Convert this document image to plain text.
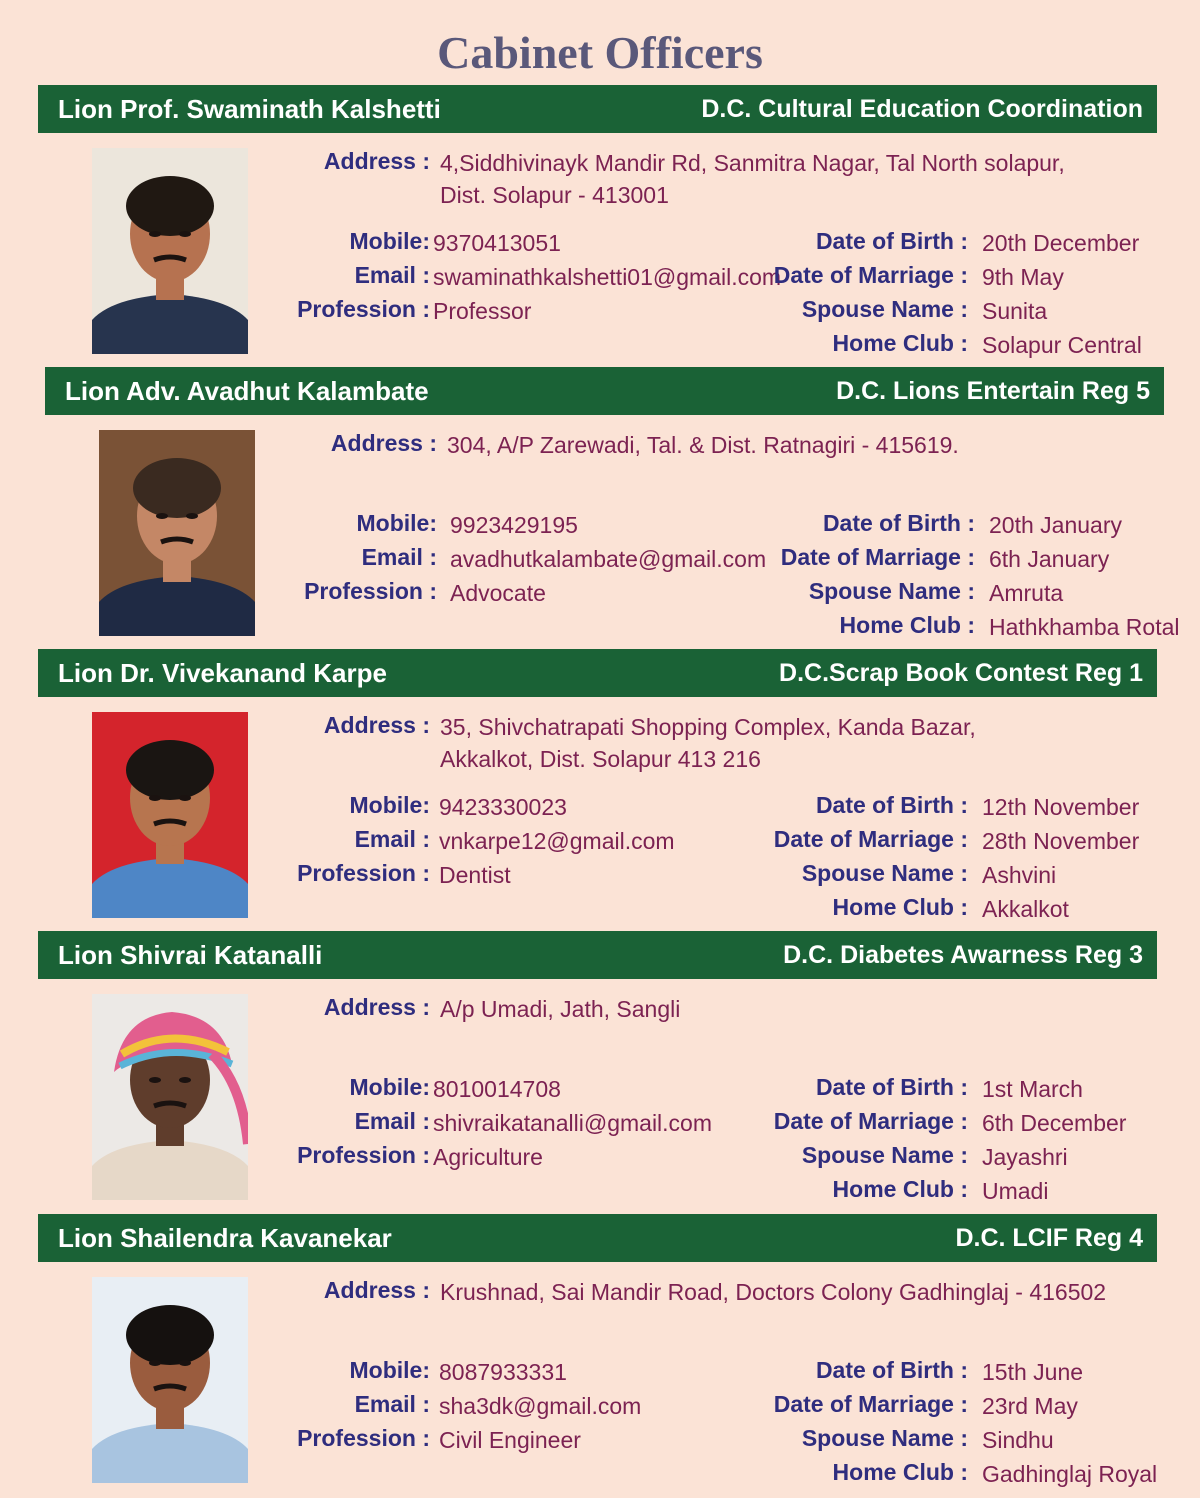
Cabinet Officers
Lion Prof. Swaminath Kalshetti	D.C. Cultural Education Coordination
Address : 4,Siddhivinayk Mandir Rd, Sanmitra Nagar, Tal North solapur,
Dist. Solapur - 413001
Mobile: 9370413051
Email : swaminathkalshetti01@gmail.com
Profession : Professor
Date of Birth : 20th December
Date of Marriage : 9th May
Spouse Name : Sunita
Home Club : Solapur Central
Lion Adv. Avadhut Kalambate	D.C. Lions Entertain Reg 5
Address : 304, A/P Zarewadi, Tal. & Dist. Ratnagiri - 415619.
Mobile: 9923429195
Email : avadhutkalambate@gmail.com
Profession : Advocate
Date of Birth : 20th January
Date of Marriage : 6th January
Spouse Name : Amruta
Home Club : Hathkhamba Rotal
Lion Dr. Vivekanand Karpe	D.C.Scrap Book Contest Reg 1
Address : 35, Shivchatrapati Shopping Complex, Kanda Bazar,
Akkalkot, Dist. Solapur 413 216
Mobile: 9423330023
Email : vnkarpe12@gmail.com
Profession : Dentist
Date of Birth : 12th November
Date of Marriage : 28th November
Spouse Name : Ashvini
Home Club : Akkalkot
Lion Shivrai Katanalli	D.C. Diabetes Awarness Reg 3
Address : A/p Umadi, Jath, Sangli
Mobile: 8010014708
Email : shivraikatanalli@gmail.com
Profession : Agriculture
Date of Birth : 1st March
Date of Marriage : 6th December
Spouse Name : Jayashri
Home Club : Umadi
Lion Shailendra Kavanekar	D.C. LCIF Reg 4
Address : Krushnad, Sai Mandir Road, Doctors Colony Gadhinglaj - 416502
Mobile: 8087933331
Email : sha3dk@gmail.com
Profession : Civil Engineer
Date of Birth : 15th June
Date of Marriage : 23rd May
Spouse Name : Sindhu
Home Club : Gadhinglaj Royal
